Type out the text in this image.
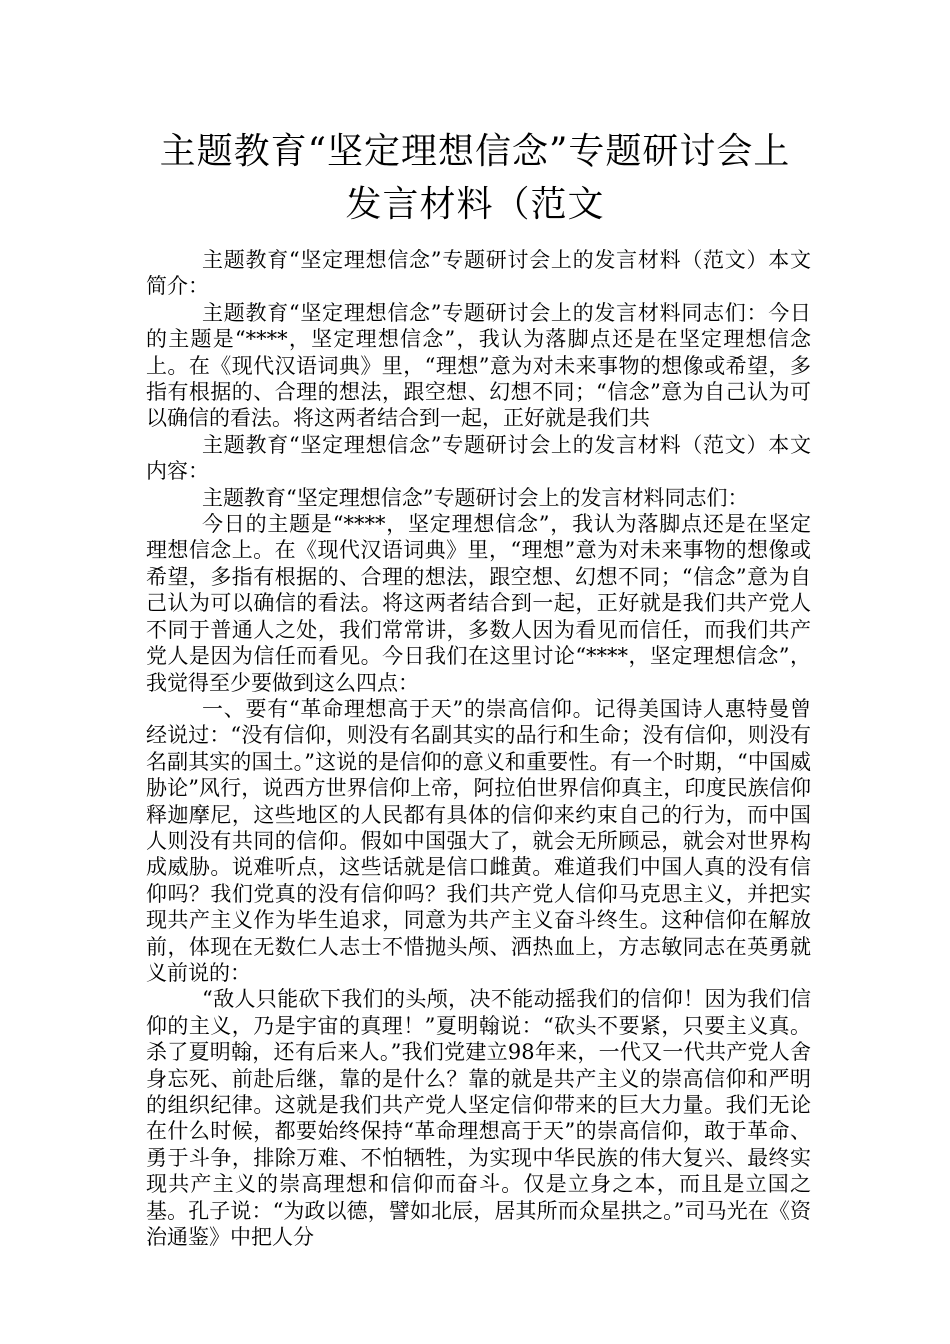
主题教育“坚定理想信念”专题研讨会上
发言材料（范文

主题教育“坚定理想信念”专题研讨会上的发言材料（范文）本文简介：

主题教育“坚定理想信念”专题研讨会上的发言材料同志们：今日的主题是“****，坚定理想信念”，我认为落脚点还是在坚定理想信念上。在《现代汉语词典》里，“理想”意为对未来事物的想像或希望，多指有根据的、合理的想法，跟空想、幻想不同；“信念”意为自己认为可以确信的看法。将这两者结合到一起，正好就是我们共

主题教育“坚定理想信念”专题研讨会上的发言材料（范文）本文内容：

主题教育“坚定理想信念”专题研讨会上的发言材料同志们：

今日的主题是“****，坚定理想信念”，我认为落脚点还是在坚定理想信念上。在《现代汉语词典》里，“理想”意为对未来事物的想像或希望，多指有根据的、合理的想法，跟空想、幻想不同；“信念”意为自己认为可以确信的看法。将这两者结合到一起，正好就是我们共产党人不同于普通人之处，我们常常讲，多数人因为看见而信任，而我们共产党人是因为信任而看见。今日我们在这里讨论“****，坚定理想信念”，我觉得至少要做到这么四点：

一、要有“革命理想高于天”的崇高信仰。记得美国诗人惠特曼曾经说过：“没有信仰，则没有名副其实的品行和生命；没有信仰，则没有名副其实的国土。”这说的是信仰的意义和重要性。有一个时期，“中国威胁论”风行，说西方世界信仰上帝，阿拉伯世界信仰真主，印度民族信仰释迦摩尼，这些地区的人民都有具体的信仰来约束自己的行为，而中国人则没有共同的信仰。假如中国强大了，就会无所顾忌，就会对世界构成威胁。说难听点，这些话就是信口雌黄。难道我们中国人真的没有信仰吗？我们党真的没有信仰吗？我们共产党人信仰马克思主义，并把实现共产主义作为毕生追求，同意为共产主义奋斗终生。这种信仰在解放前，体现在无数仁人志士不惜抛头颅、洒热血上，方志敏同志在英勇就义前说的：

“敌人只能砍下我们的头颅，决不能动摇我们的信仰！因为我们信仰的主义，乃是宇宙的真理！”夏明翰说：“砍头不要紧，只要主义真。杀了夏明翰，还有后来人。”我们党建立98年来，一代又一代共产党人舍身忘死、前赴后继，靠的是什么？靠的就是共产主义的崇高信仰和严明的组织纪律。这就是我们共产党人坚定信仰带来的巨大力量。我们无论在什么时候，都要始终保持“革命理想高于天”的崇高信仰，敢于革命、勇于斗争，排除万难、不怕牺牲，为实现中华民族的伟大复兴、最终实现共产主义的崇高理想和信仰而奋斗。仅是立身之本，而且是立国之基。孔子说：“为政以德，譬如北辰，居其所而众星拱之。”司马光在《资治通鉴》中把人分
